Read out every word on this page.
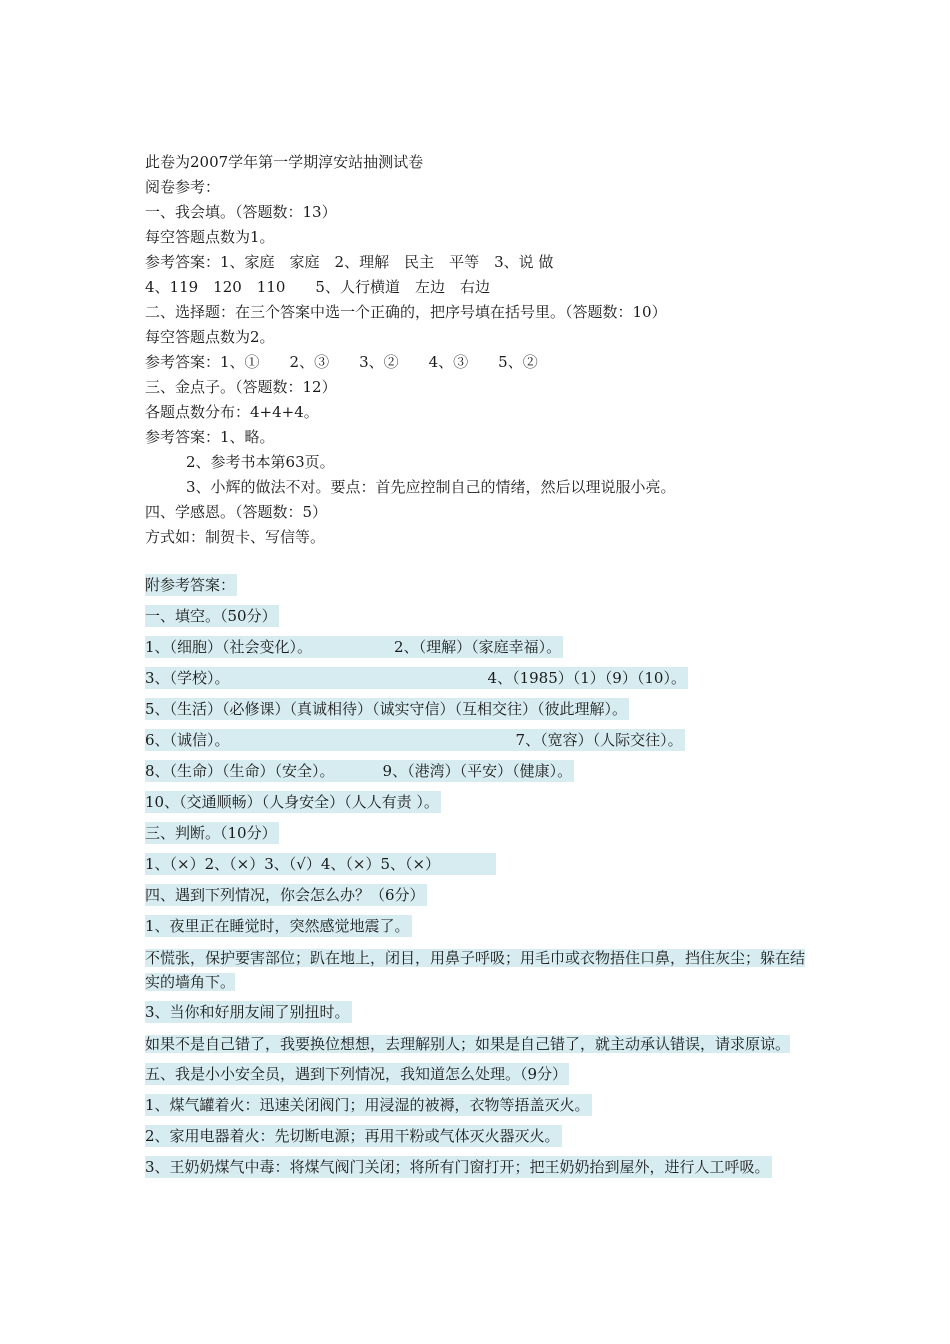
此卷为2007学年第一学期淳安站抽测试卷
阅卷参考：
一、我会填。（答题数：13）
每空答题点数为1。
参考答案：1、家庭　家庭　2、理解　民主　平等　3、说 做
4、119　120　110　　5、人行横道　左边　右边
二、选择题：在三个答案中选一个正确的，把序号填在括号里。（答题数：10）
每空答题点数为2。
参考答案：1、①　　2、③　　3、②　　4、③　　5、②
三、金点子。（答题数：12）
各题点数分布：4+4+4。
参考答案：1、略。
2、参考书本第63页。
3、小辉的做法不对。要点：首先应控制自己的情绪，然后以理说服小亮。
四、学感恩。（答题数：5）
方式如：制贺卡、写信等。
附参考答案：
一、填空。（50分）
1、（细胞）（社会变化）。	2、（理解）（家庭幸福）。
3、（学校）。	4、（1985）（1）（9）（10）。
5、（生活）（必修课）（真诚相待）（诚实守信）（互相交往）（彼此理解）。
6、（诚信）。	7、（宽容）（人际交往）。
8、（生命）（生命）（安全）。	9、（港湾）（平安）（健康）。
10、（交通顺畅）（人身安全）（人人有责 ）。
三、判断。（10分）
1、（×）2、（×）3、（√）4、（×）5、（×）
四、遇到下列情况，你会怎么办？（6分）
1、夜里正在睡觉时，突然感觉地震了。
不慌张，保护要害部位；趴在地上，闭目，用鼻子呼吸；用毛巾或衣物捂住口鼻，挡住灰尘；躲在结实的墙角下。
3、当你和好朋友闹了别扭时。
如果不是自己错了，我要换位想想，去理解别人；如果是自己错了，就主动承认错误，请求原谅。
五、我是小小安全员，遇到下列情况，我知道怎么处理。（9分）
1、煤气罐着火：迅速关闭阀门；用浸湿的被褥，衣物等捂盖灭火。
2、家用电器着火：先切断电源；再用干粉或气体灭火器灭火。
3、王奶奶煤气中毒：将煤气阀门关闭；将所有门窗打开；把王奶奶抬到屋外，进行人工呼吸。
